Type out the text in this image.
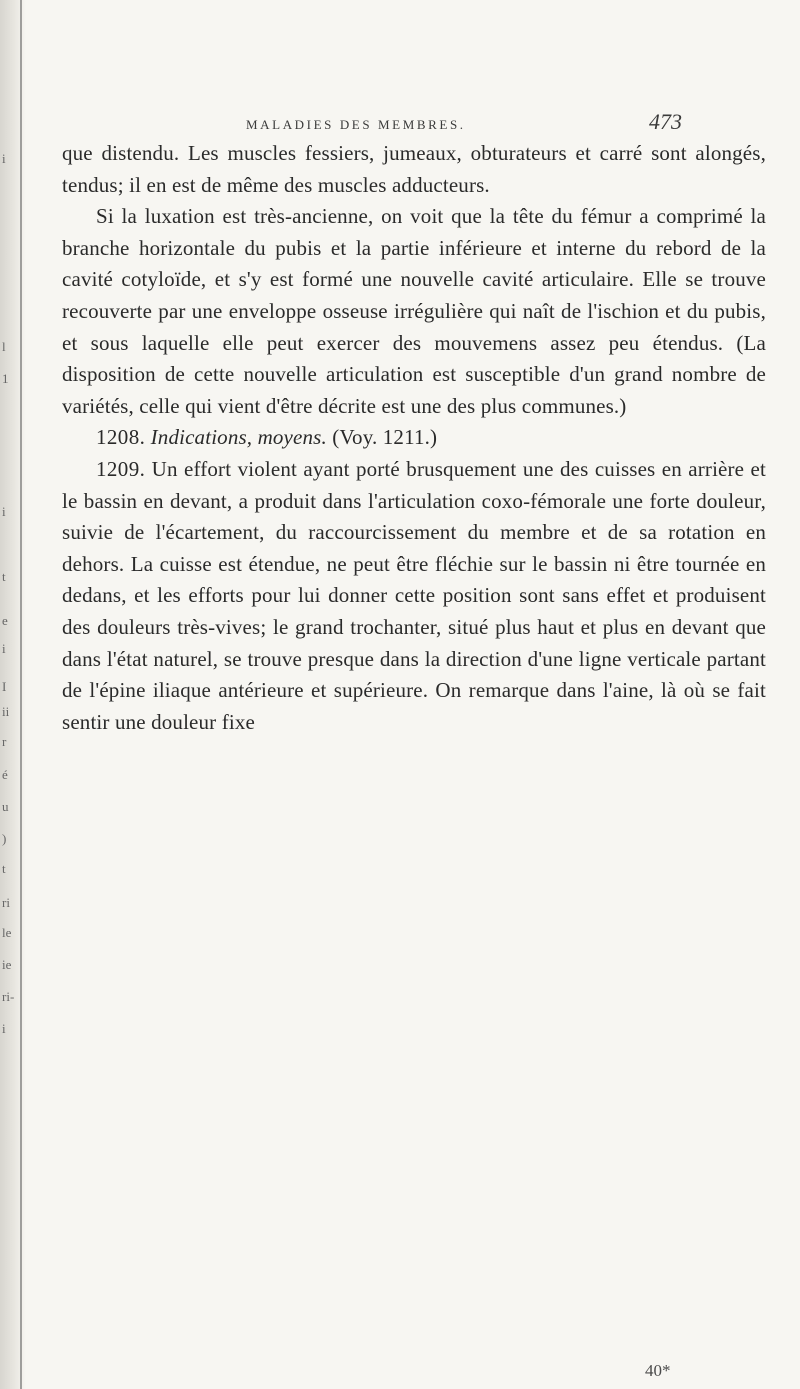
i
l
1
i
t
e
i
I
ii
r
é
u
)
t
ri
le
ie
ri-
i
MALADIES DES MEMBRES.	473

que distendu. Les muscles fessiers, jumeaux, obturateurs et carré sont alongés, tendus; il en est de même des muscles adducteurs.

Si la luxation est très-ancienne, on voit que la tête du fémur a comprimé la branche horizontale du pubis et la partie inférieure et interne du rebord de la cavité cotyloïde, et s'y est formé une nouvelle cavité articulaire. Elle se trouve recouverte par une enveloppe osseuse irrégulière qui naît de l'ischion et du pubis, et sous laquelle elle peut exercer des mouvemens assez peu étendus. (La disposition de cette nouvelle articulation est susceptible d'un grand nombre de variétés, celle qui vient d'être décrite est une des plus communes.)

1208. Indications, moyens. (Voy. 1211.)

1209. Un effort violent ayant porté brusquement une des cuisses en arrière et le bassin en devant, a produit dans l'articulation coxo-fémorale une forte douleur, suivie de l'écartement, du raccourcissement du membre et de sa rotation en dehors. La cuisse est étendue, ne peut être fléchie sur le bassin ni être tournée en dedans, et les efforts pour lui donner cette position sont sans effet et produisent des douleurs très-vives; le grand trochanter, situé plus haut et plus en devant que dans l'état naturel, se trouve presque dans la direction d'une ligne verticale partant de l'épine iliaque antérieure et supérieure. On remarque dans l'aine, là où se fait sentir une douleur fixe

40*
